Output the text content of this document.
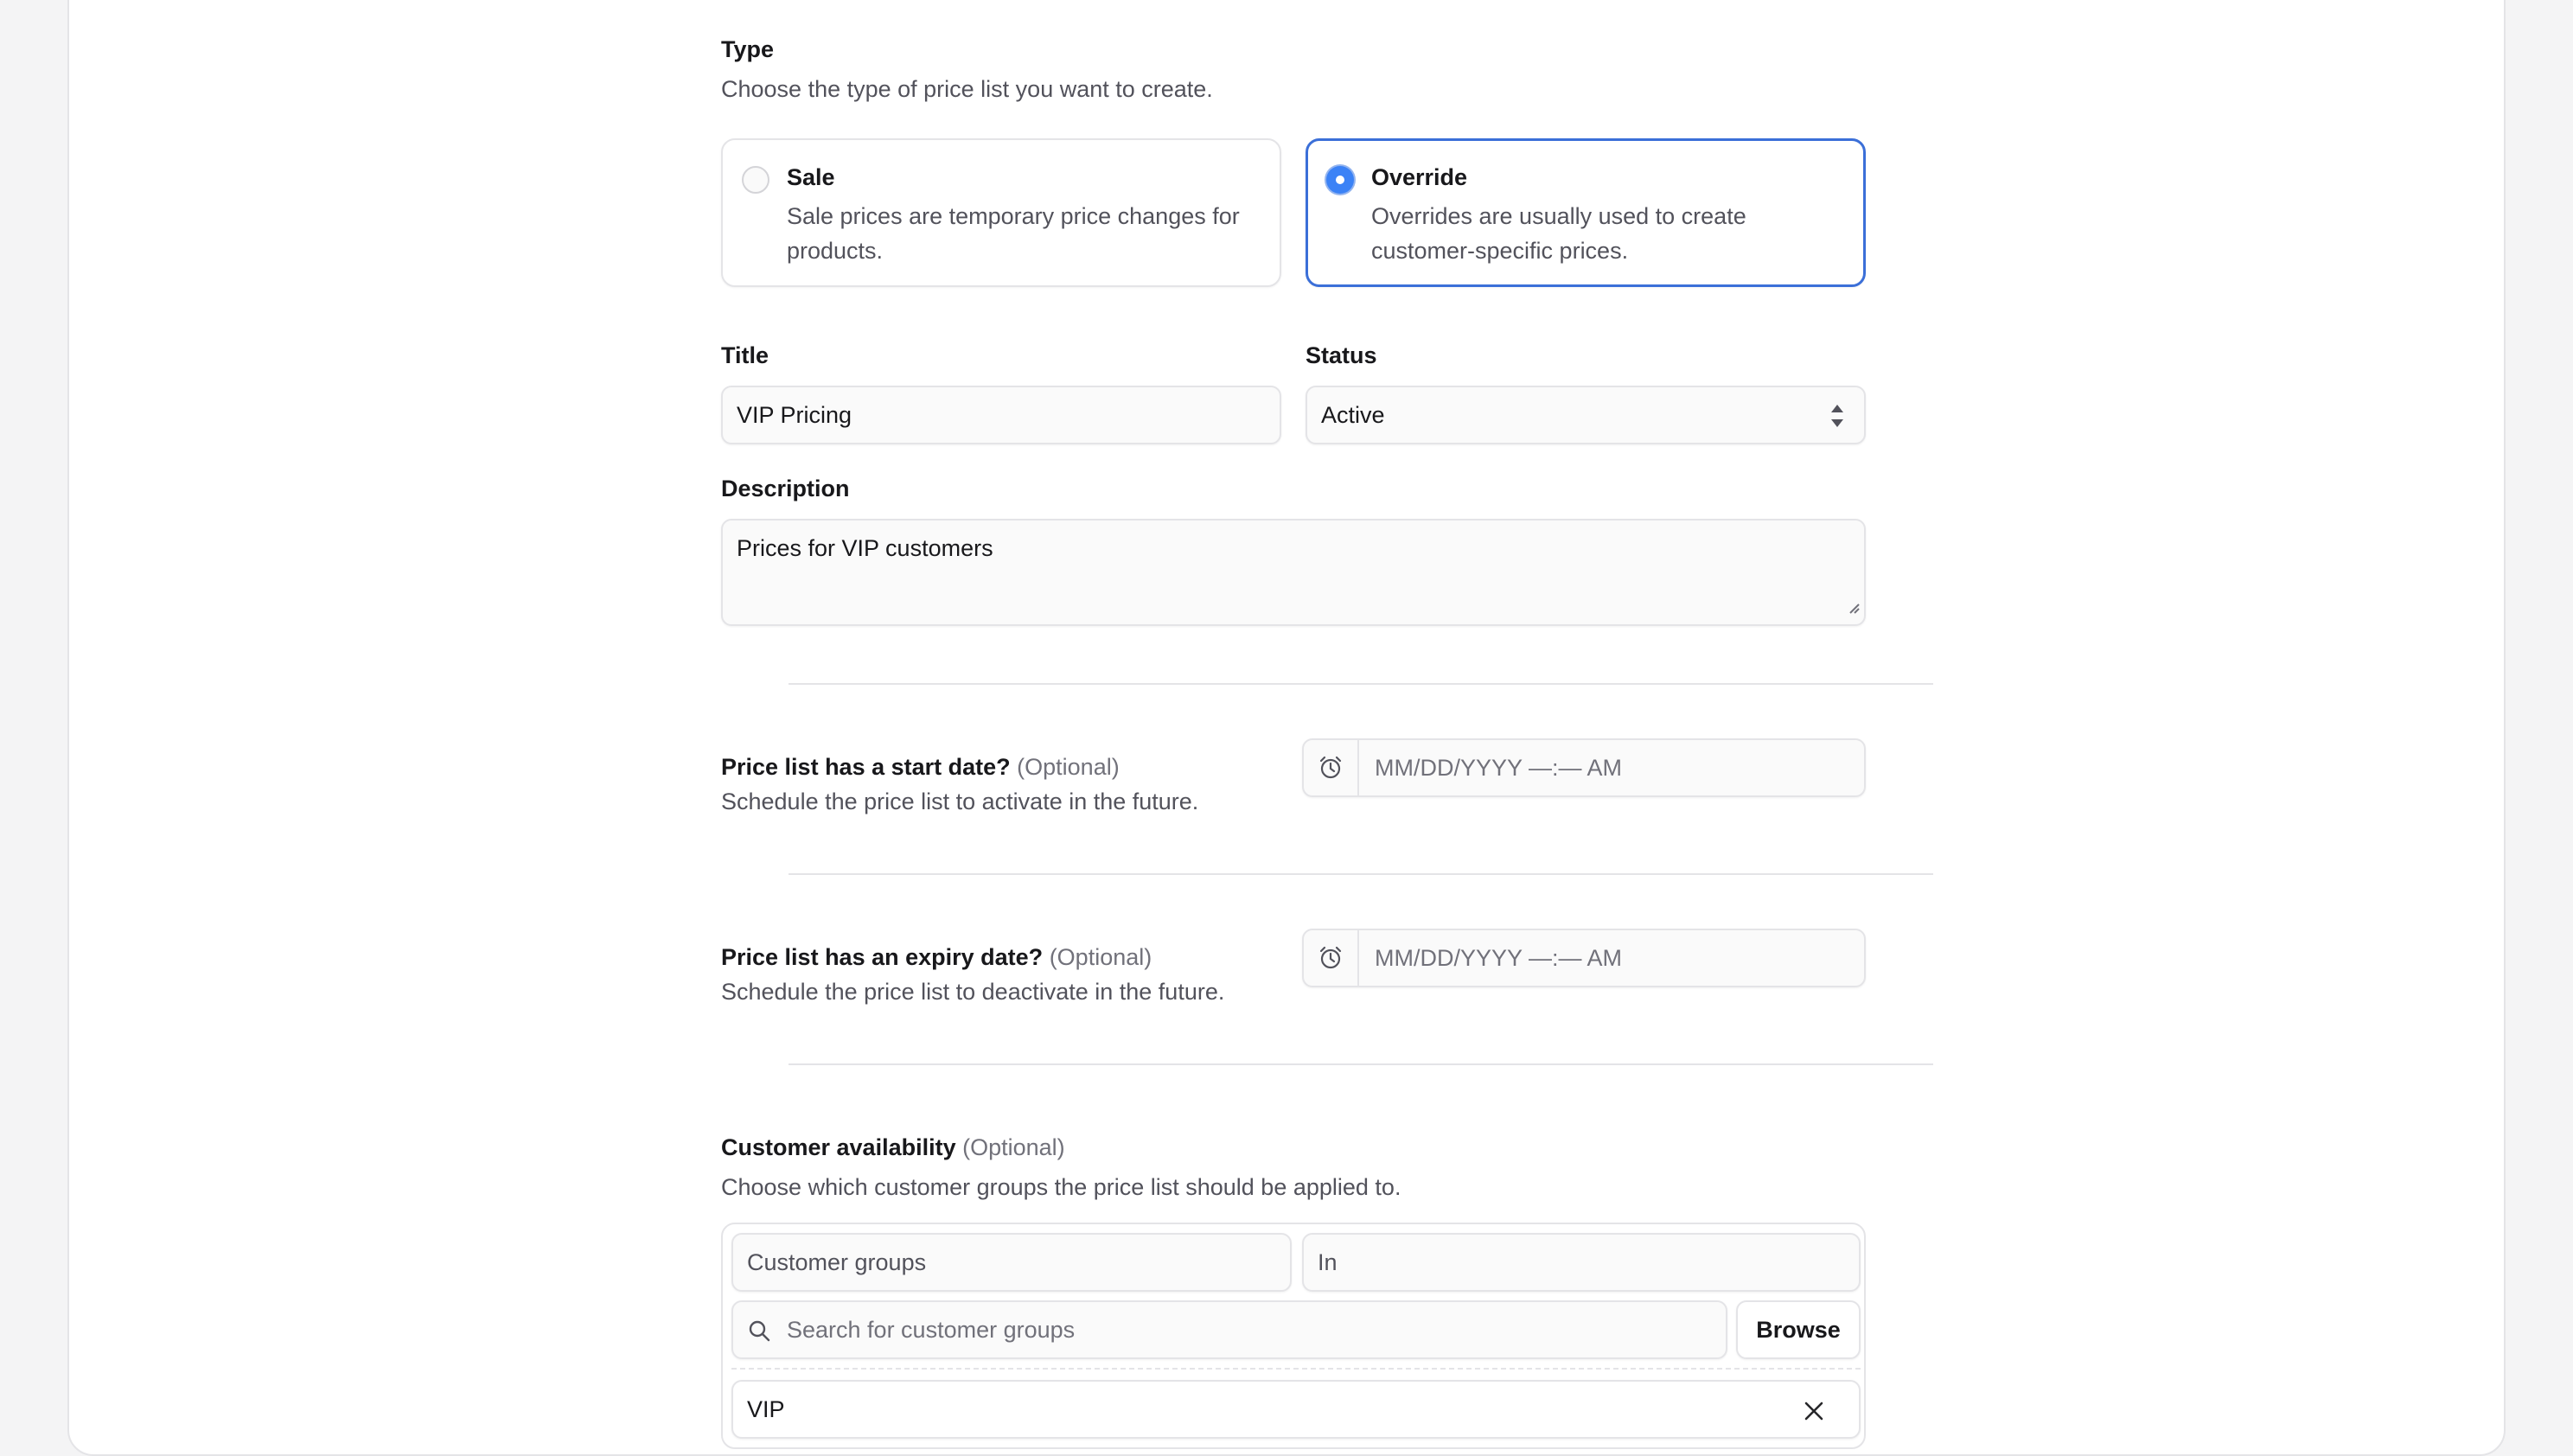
Type
Choose the type of price list you want to create.
Sale
Sale prices are temporary price changes for products.
Override
Overrides are usually used to create customer-specific prices.
Title	Status
VIP Pricing
Active
Description
Prices for VIP customers
Price list has a start date? (Optional)
Schedule the price list to activate in the future.
MM/DD/YYYY —:— AM
Price list has an expiry date? (Optional)
Schedule the price list to deactivate in the future.
MM/DD/YYYY —:— AM
Customer availability (Optional)
Choose which customer groups the price list should be applied to.
Customer groups	In
Search for customer groups
Browse
VIP
